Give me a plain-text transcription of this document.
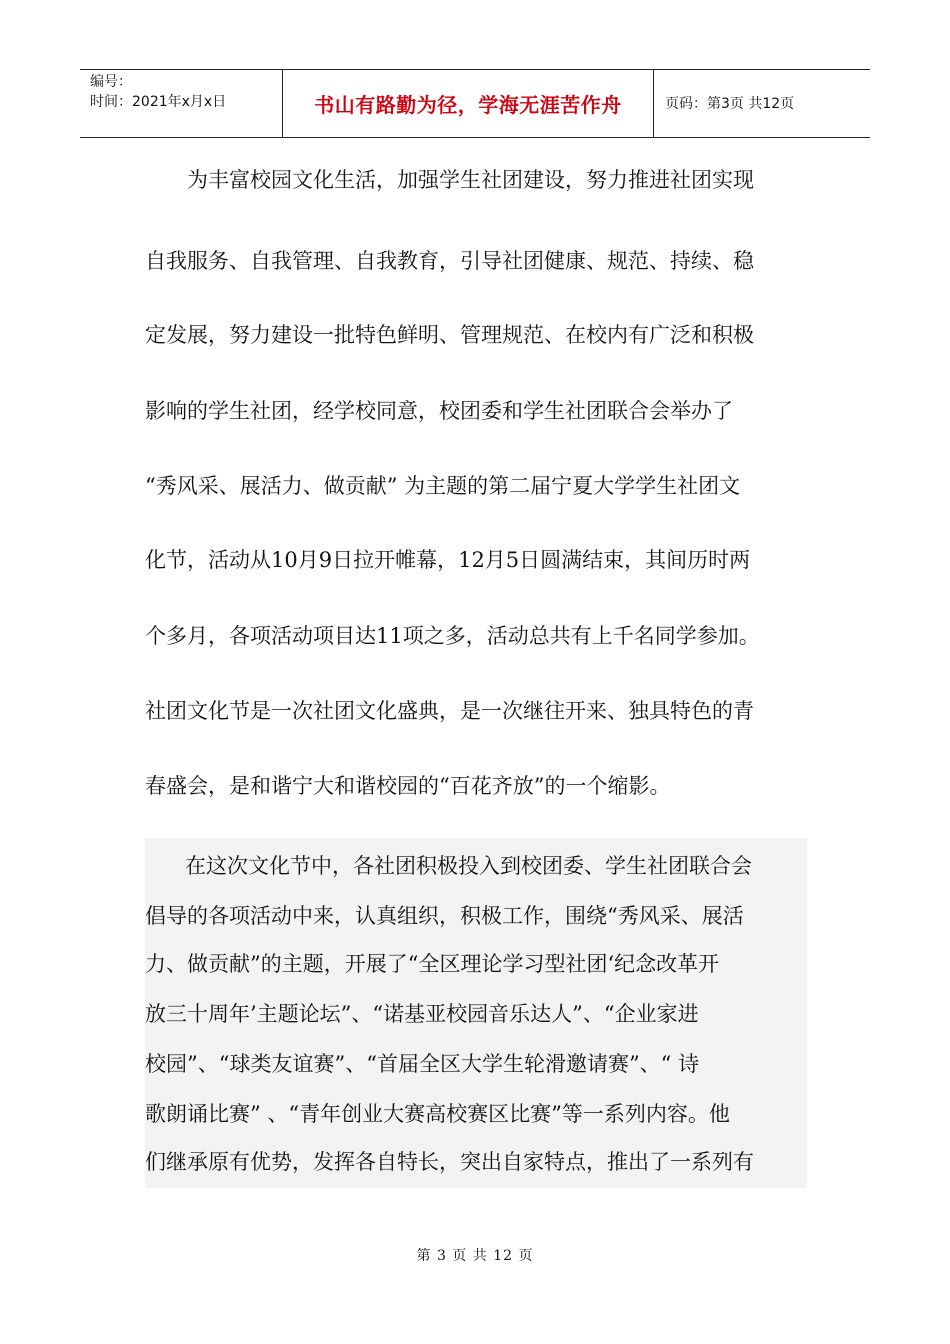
编号：
时间：2021年x月x日	书山有路勤为径，学海无涯苦作舟	页码：第3页 共12页
为丰富校园文化生活，加强学生社团建设，努力推进社团实现
自我服务、自我管理、自我教育，引导社团健康、规范、持续、稳
定发展，努力建设一批特色鲜明、管理规范、在校内有广泛和积极
影响的学生社团，经学校同意，校团委和学生社团联合会举办了
“秀风采、展活力、做贡献” 为主题的第二届宁夏大学学生社团文
化节，活动从10月9日拉开帷幕，12月5日圆满结束，其间历时两
个多月，各项活动项目达11项之多，活动总共有上千名同学参加。
社团文化节是一次社团文化盛典，是一次继往开来、独具特色的青
春盛会，是和谐宁大和谐校园的“百花齐放”的一个缩影。
在这次文化节中，各社团积极投入到校团委、学生社团联合会
倡导的各项活动中来，认真组织，积极工作，围绕“秀风采、展活
力、做贡献”的主题，开展了“全区理论学习型社团‘纪念改革开
放三十周年’主题论坛”、“诺基亚校园音乐达人”、“企业家进
校园”、“球类友谊赛”、“首届全区大学生轮滑邀请赛”、“ 诗
歌朗诵比赛” 、“青年创业大赛高校赛区比赛”等一系列内容。他
们继承原有优势，发挥各自特长，突出自家特点，推出了一系列有
第 3 页 共 12 页
